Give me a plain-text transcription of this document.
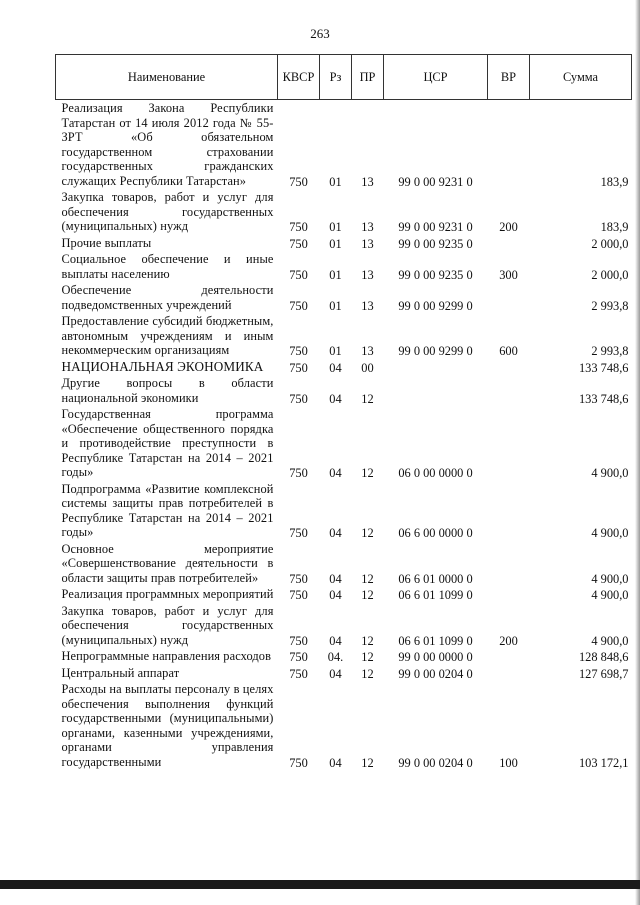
263
Наименование	КВСР	Рз	ПР	ЦСР	ВР	Сумма
Реализация Закона Республики Татарстан от 14 июля 2012 года № 55-ЗРТ «Об обязательном государственном страховании государственных гражданских служащих Республики Татарстан»	750	01	13	99 0 00 9231 0		183,9
Закупка товаров, работ и услуг для обеспечения государственных (муниципальных) нужд	750	01	13	99 0 00 9231 0	200	183,9
Прочие выплаты	750	01	13	99 0 00 9235 0		2 000,0
Социальное обеспечение и иные выплаты населению	750	01	13	99 0 00 9235 0	300	2 000,0
Обеспечение деятельности подведомственных учреждений	750	01	13	99 0 00 9299 0		2 993,8
Предоставление субсидий бюджетным, автономным учреждениям и иным некоммерческим организациям	750	01	13	99 0 00 9299 0	600	2 993,8
НАЦИОНАЛЬНАЯ ЭКОНОМИКА	750	04	00			133 748,6
Другие вопросы в области национальной экономики	750	04	12			133 748,6
Государственная программа «Обеспечение общественного порядка и противодействие преступности в Республике Татарстан на 2014 – 2021 годы»	750	04	12	06 0 00 0000 0		4 900,0
Подпрограмма «Развитие комплексной системы защиты прав потребителей в Республике Татарстан на 2014 – 2021 годы»	750	04	12	06 6 00 0000 0		4 900,0
Основное мероприятие «Совершенствование деятельности в области защиты прав потребителей»	750	04	12	06 6 01 0000 0		4 900,0
Реализация программных мероприятий	750	04	12	06 6 01 1099 0		4 900,0
Закупка товаров, работ и услуг для обеспечения государственных (муниципальных) нужд	750	04	12	06 6 01 1099 0	200	4 900,0
Непрограммные направления расходов	750	04.	12	99 0 00 0000 0		128 848,6
Центральный аппарат	750	04	12	99 0 00 0204 0		127 698,7
Расходы на выплаты персоналу в целях обеспечения выполнения функций государственными (муниципальными) органами, казенными учреждениями, органами управления государственными	750	04	12	99 0 00 0204 0	100	103 172,1
